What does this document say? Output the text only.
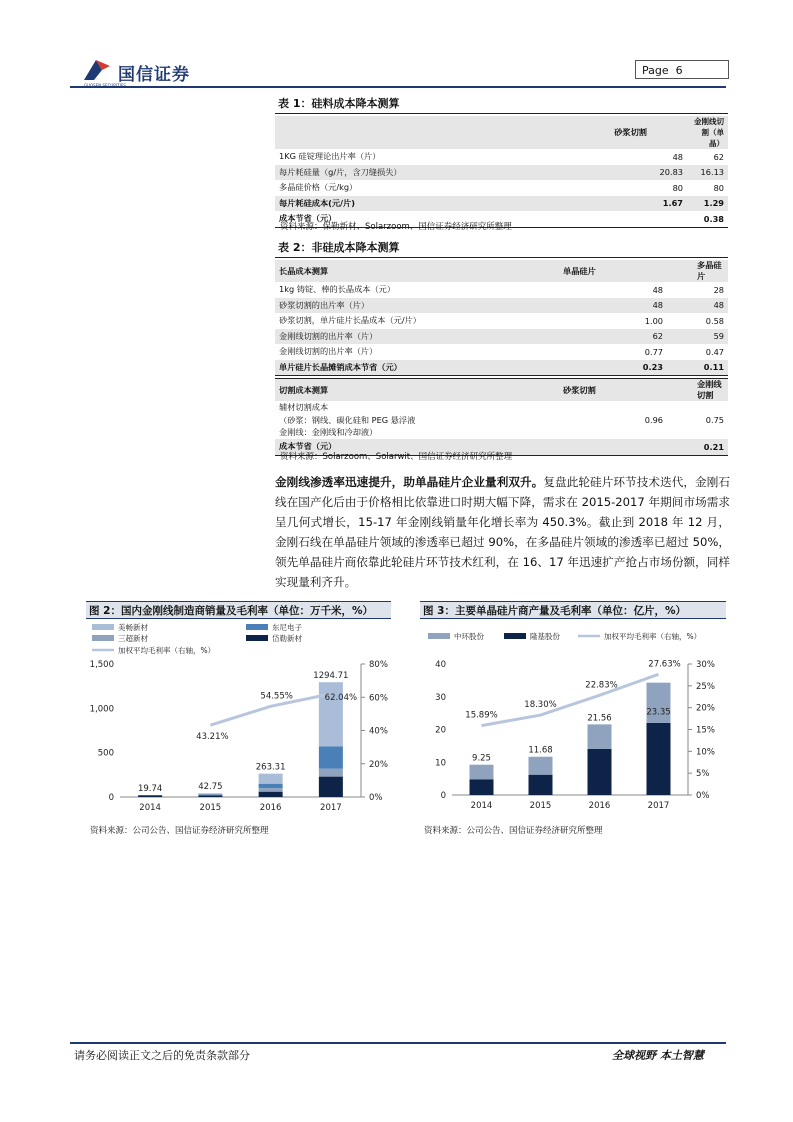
国信证券	Page 6
表 1：硅料成本降本测算
	砂浆切割	金刚线切割（单晶）
1KG 硅锭理论出片率（片）	48	62
每片耗硅量（g/片，含刀缝损失）	20.83	16.13
多晶硅价格（元/kg）	80	80
每片耗硅成本(元/片)	1.67	1.29
成本节省（元）		0.38
资料来源：保勒新材、Solarzoom、国信证券经济研究所整理
表 2：非硅成本降本测算
长晶成本测算	单晶硅片	多晶硅片
1kg 铸锭、棒的长晶成本（元）	48	28
砂浆切割的出片率（片）	48	48
砂浆切割，单片硅片长晶成本（元/片）	1.00	0.58
金刚线切割的出片率（片）	62	59
金刚线切割的出片率（片）	0.77	0.47
单片硅片长晶摊销成本节省（元）	0.23	0.11
切割成本测算	砂浆切割	金刚线切割

辅材切割成本
（砂浆：钢线、碳化硅和 PEG 悬浮液
金刚线：金刚线和冷却液）	0.96	0.75
成本节省（元）		0.21
资料来源：Solarzoom、Solarwit、国信证券经济研究所整理
金刚线渗透率迅速提升，助单晶硅片企业量利双升。复盘此轮硅片环节技术迭代，金刚石线在国产化后由于价格相比依靠进口时期大幅下降，需求在 2015-2017 年期间市场需求呈几何式增长，15-17 年金刚线销量年化增长率为 450.3%。截止到 2018 年 12 月，金刚石线在单晶硅片领域的渗透率已超过 90%，在多晶硅片领域的渗透率已超过 50%，领先单晶硅片商依靠此轮硅片环节技术红利，在 16、17 年迅速扩产抢占市场份额，同样实现量利齐升。
图 2：国内金刚线制造商销量及毛利率（单位：万千米，%）
美畅新材	东尼电子
三超新材	岱勒新材
加权平均毛利率（右轴，%）
1,500
1,000
500
0
80%
60%
40%
20%
0%
2014
19.74
2015
42.75
2016
263.31
2017
1294.71
43.21%
54.55%	62.04%
资料来源：公司公告、国信证券经济研究所整理
图 3：主要单晶硅片商产量及毛利率（单位：亿片，%）
中环股份	隆基股份	加权平均毛利率（右轴，%）
40
30
20
10
0
30%
25%
20%
15%
10%
5%
0%
2014
9.25
2015
11.68
2016
21.56
2017
23.35
15.89%
18.30%
22.83%
27.63%
资料来源：公司公告、国信证券经济研究所整理
请务必阅读正文之后的免责条款部分	全球视野 本土智慧
